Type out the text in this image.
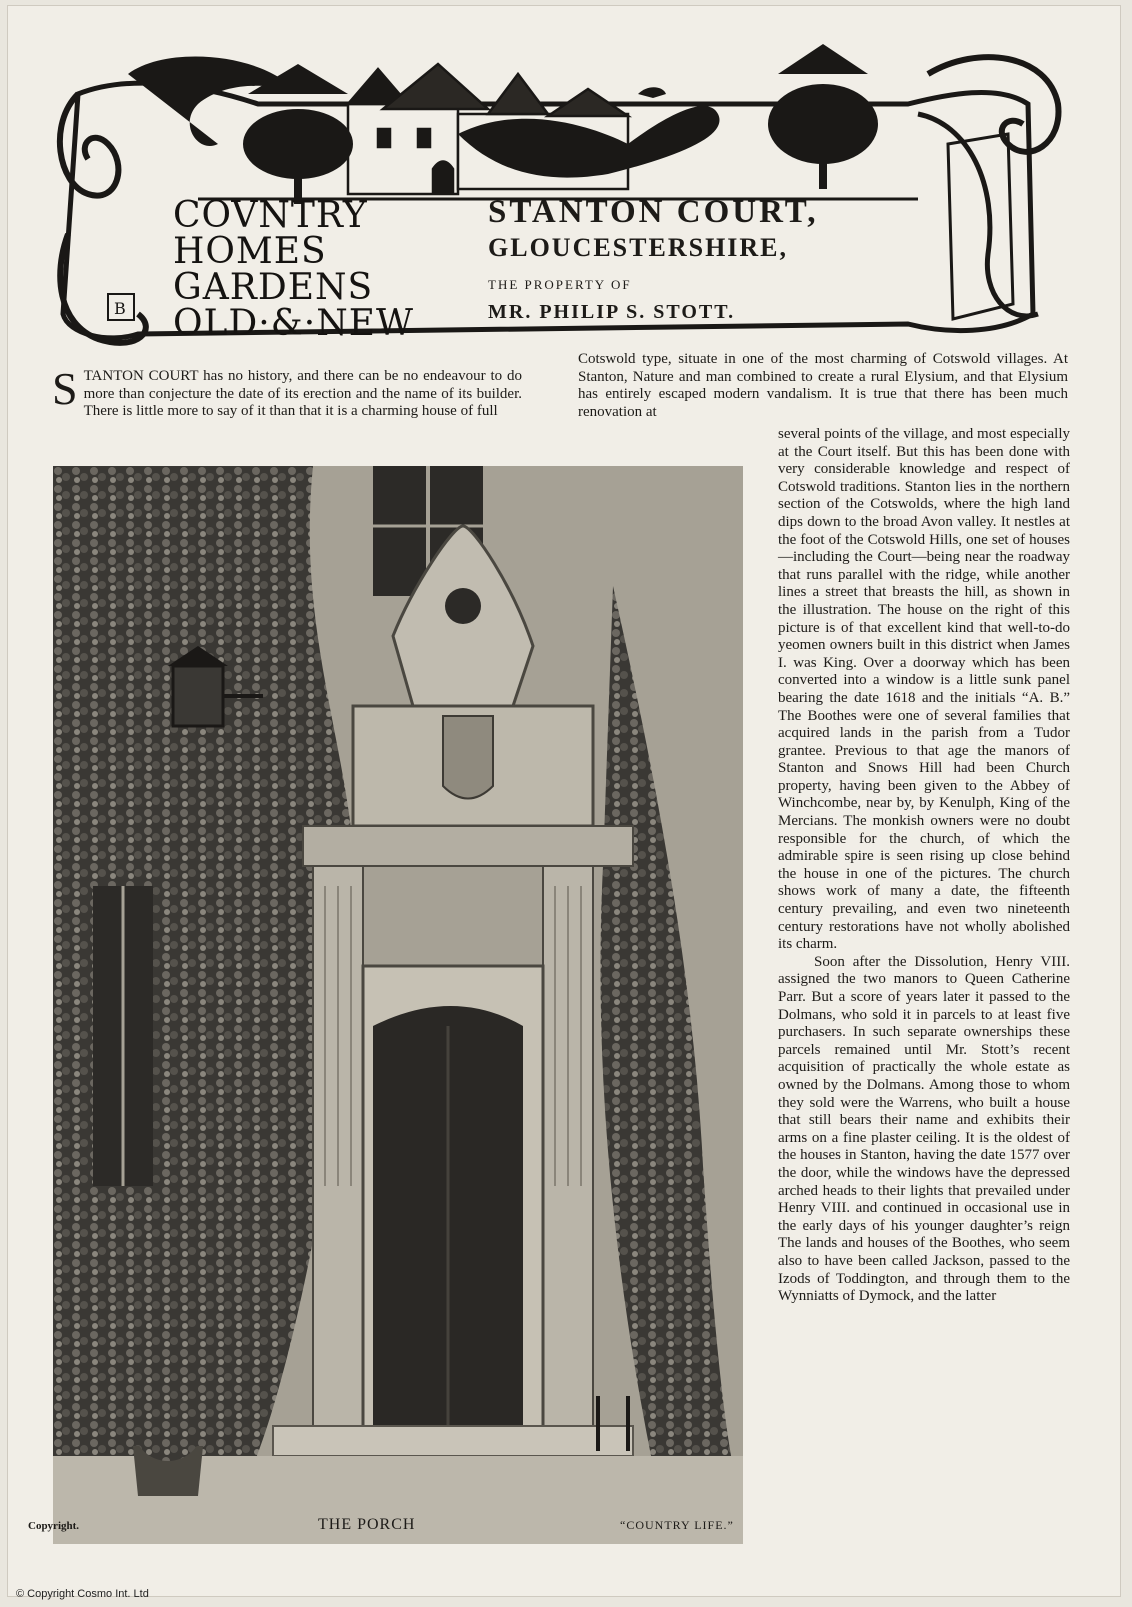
B
COVNTRY
HOMES
GARDENS
OLD·&·NEW
STANTON COURT,
GLOUCESTERSHIRE,
THE PROPERTY OF
MR. PHILIP S. STOTT.
S TANTON COURT has no history, and there can be no endeavour to do more than conjecture the date of its erection and the name of its builder. There is little more to say of it than that it is a charming house of full
Cotswold type, situate in one of the most charming of Cotswold villages. At Stanton, Nature and man combined to create a rural Elysium, and that Elysium has entirely escaped modern vandalism. It is true that there has been much renovation at
several points of the village, and most especially at the Court itself. But this has been done with very considerable knowledge and respect of Cotswold traditions. Stanton lies in the northern section of the Cotswolds, where the high land dips down to the broad Avon valley. It nestles at the foot of the Cotswold Hills, one set of houses—including the Court—being near the roadway that runs parallel with the ridge, while another lines a street that breasts the hill, as shown in the illustration. The house on the right of this picture is of that excellent kind that well-to-do yeomen owners built in this district when James I. was King. Over a doorway which has been converted into a window is a little sunk panel bearing the date 1618 and the initials “A. B.” The Boothes were one of several families that acquired lands in the parish from a Tudor grantee. Previous to that age the manors of Stanton and Snows Hill had been Church property, having been given to the Abbey of Winchcombe, near by, by Kenulph, King of the Mercians. The monkish owners were no doubt responsible for the church, of which the admirable spire is seen rising up close behind the house in one of the pictures. The church shows work of many a date, the fifteenth century prevailing, and even two nineteenth century restorations have not wholly abolished its charm.
Soon after the Dissolution, Henry VIII. assigned the two manors to Queen Catherine Parr. But a score of years later it passed to the Dolmans, who sold it in parcels to at least five purchasers. In such separate ownerships these parcels remained until Mr. Stott’s recent acquisition of practically the whole estate as owned by the Dolmans. Among those to whom they sold were the Warrens, who built a house that still bears their name and exhibits their arms on a fine plaster ceiling. It is the oldest of the houses in Stanton, having the date 1577 over the door, while the windows have the depressed arched heads to their lights that prevailed under Henry VIII. and continued in occasional use in the early days of his younger daughter’s reign The lands and houses of the Boothes, who seem also to have been called Jackson, passed to the Izods of Toddington, and through them to the Wynniatts of Dymock, and the latter
Copyright.	THE PORCH	“COUNTRY LIFE.”
© Copyright Cosmo Int. Ltd
